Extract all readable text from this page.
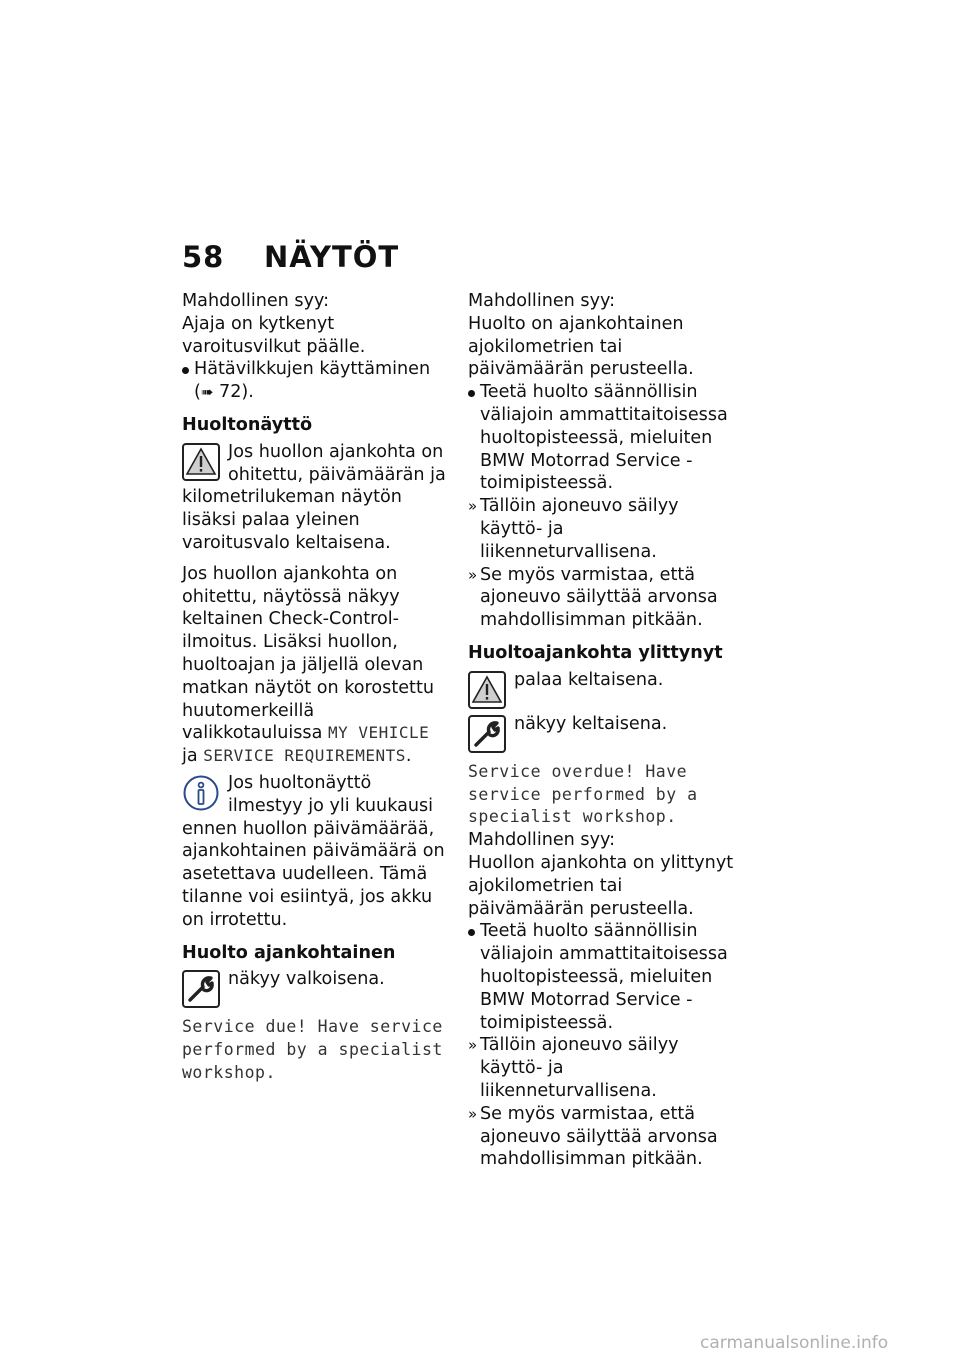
58 NÄYTÖT

Mahdollinen syy:

Ajaja on kytkenyt varoitusvilkut päälle.

Hätävilkkujen käyttäminen
(➠ 72).

Huoltonäyttö

Jos huollon ajankohta on ohitettu, päivämäärän ja kilometrilukeman näytön lisäksi palaa yleinen varoitusvalo keltaisena.

Jos huollon ajankohta on ohitettu, näytössä näkyy keltainen Check-Control-ilmoitus. Lisäksi huollon, huoltoajan ja jäljellä olevan matkan näytöt on korostettu huutomerkeillä valikkotauluissa MY VEHICLE ja SERVICE REQUIREMENTS.

Jos huoltonäyttö ilmestyy jo yli kuukausi ennen huollon päivämäärää, ajankohtainen päivämäärä on asetettava uudelleen. Tämä tilanne voi esiintyä, jos akku on irrotettu.

Huolto ajankohtainen

näkyy valkoisena.

Service due! Have service performed by a specialist workshop.

Mahdollinen syy:

Huolto on ajankohtainen ajokilometrien tai päivämäärän perusteella.

Teetä huolto säännöllisin väliajoin ammattitaitoisessa huoltopisteessä, mieluiten BMW Motorrad Service -toimipisteessä.
» Tällöin ajoneuvo säilyy käyttö- ja liikenneturvallisena.
» Se myös varmistaa, että ajoneuvo säilyttää arvonsa mahdollisimman pitkään.

Huoltoajankohta ylittynyt

palaa keltaisena.

näkyy keltaisena.

Service overdue! Have service performed by a specialist workshop.

Mahdollinen syy:

Huollon ajankohta on ylittynyt ajokilometrien tai päivämäärän perusteella.

Teetä huolto säännöllisin väliajoin ammattitaitoisessa huoltopisteessä, mieluiten BMW Motorrad Service -toimipisteessä.
» Tällöin ajoneuvo säilyy käyttö- ja liikenneturvallisena.
» Se myös varmistaa, että ajoneuvo säilyttää arvonsa mahdollisimman pitkään.
carmanualsonline.info
